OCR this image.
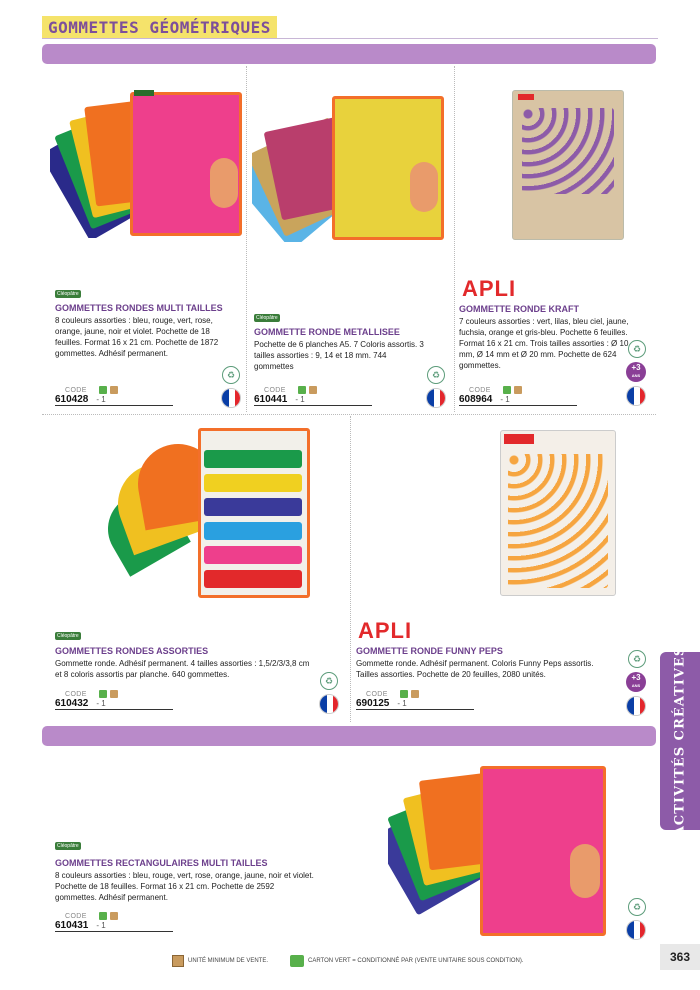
GOMMETTES GÉOMÉTRIQUES
Cléopâtre
GOMMETTES RONDES MULTI TAILLES
8 couleurs assorties : bleu, rouge, vert, rose, orange, jaune, noir et violet. Pochette de 18 feuilles. Format 16 x 21 cm. Pochette de 1872 gommettes. Adhésif permanent.
CODE

610428 - 1
♻
Cléopâtre
GOMMETTE RONDE METALLISEE
Pochette de 6 planches A5. 7 Coloris assortis. 3 tailles assorties : 9, 14 et 18 mm. 744 gommettes
CODE

610441 - 1
♻
APLI
GOMMETTE RONDE KRAFT
7 couleurs assorties : vert, lilas, bleu ciel, jaune, fuchsia, orange et gris-bleu. Pochette 6 feuilles. Format 16 x 21 cm. Trois tailles assorties : Ø 10 mm, Ø 14 mm et Ø 20 mm. Pochette de 624 gommettes.
CODE

608964 - 1
♻
+3
ANS
Cléopâtre
GOMMETTES RONDES ASSORTIES
Gommette ronde. Adhésif permanent. 4 tailles assorties : 1,5/2/3/3,8 cm et 8 coloris assortis par planche. 640 gommettes.
CODE

610432 - 1
♻
APLI
GOMMETTE RONDE FUNNY PEPS
Gommette ronde. Adhésif permanent. Coloris Funny Peps assortis. Tailles assorties. Pochette de 20 feuilles, 2080 unités.
CODE

690125 - 1
♻
+3
ANS
Cléopâtre
GOMMETTES RECTANGULAIRES MULTI TAILLES
8 couleurs assorties : bleu, rouge, vert, rose, orange, jaune, noir et violet. Pochette de 18 feuilles. Format 16 x 21 cm. Pochette de 2592 gommettes. Adhésif permanent.
CODE

610431 - 1
♻
ACTIVITÉS CRÉATIVES
363
UNITÉ MINIMUM DE VENTE.	CARTON VERT = CONDITIONNÉ PAR (VENTE UNITAIRE SOUS CONDITION).
